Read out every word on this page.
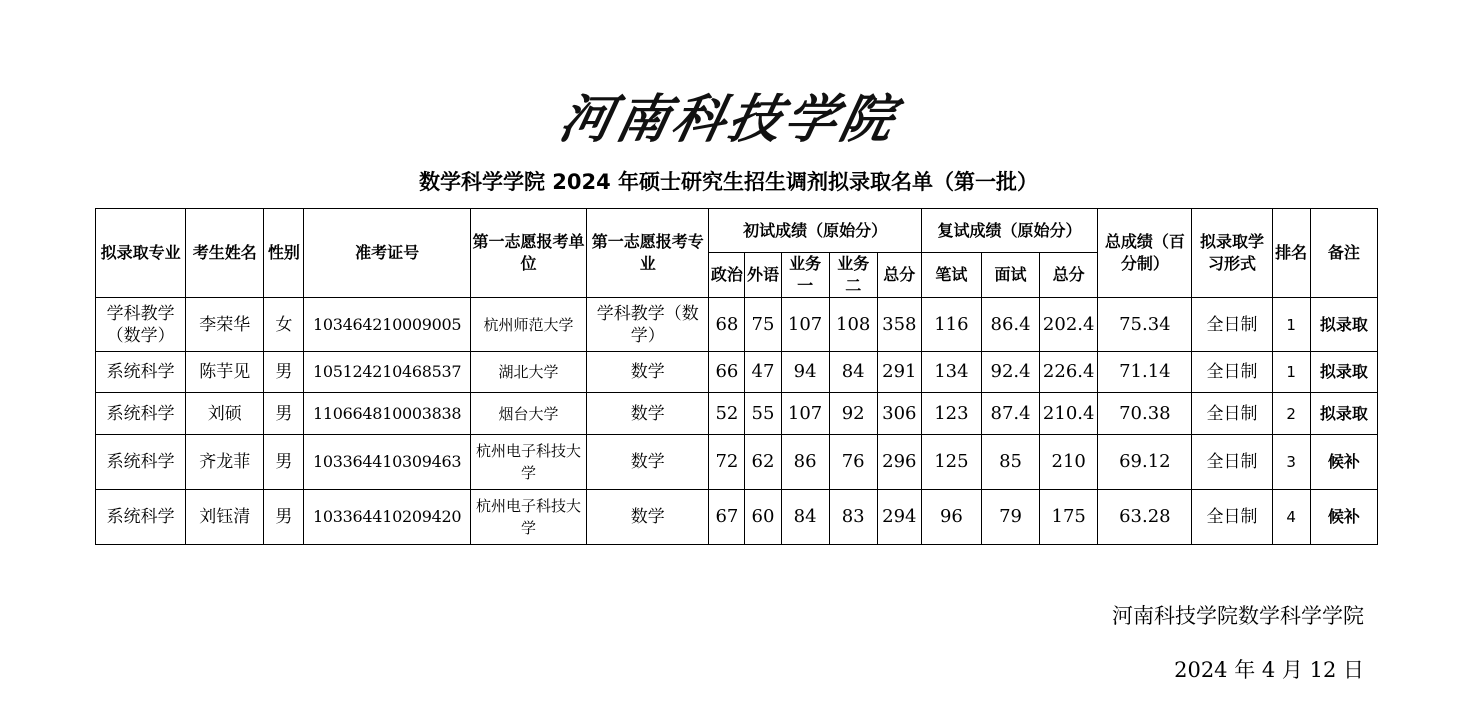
河南科技学院
数学科学学院 2024 年硕士研究生招生调剂拟录取名单（第一批）
拟录取专业	考生姓名	性别	准考证号	第一志愿报考单位	第一志愿报考专业	初试成绩（原始分）					复试成绩（原始分）			总成绩（百分制）	拟录取学习形式	排名	备注
						政治	外语	业务一	业务二	总分	笔试	面试	总分				
学科教学（数学）	李荣华	女	103464210009005	杭州师范大学	学科教学（数学）	68	75	107	108	358	116	86.4	202.4	75.34	全日制	1	拟录取
系统科学	陈芋见	男	105124210468537	湖北大学	数学	66	47	94	84	291	134	92.4	226.4	71.14	全日制	1	拟录取
系统科学	刘硕	男	110664810003838	烟台大学	数学	52	55	107	92	306	123	87.4	210.4	70.38	全日制	2	拟录取
系统科学	齐龙菲	男	103364410309463	杭州电子科技大学	数学	72	62	86	76	296	125	85	210	69.12	全日制	3	候补
系统科学	刘钰清	男	103364410209420	杭州电子科技大学	数学	67	60	84	83	294	96	79	175	63.28	全日制	4	候补
河南科技学院数学科学学院
2024 年 4 月 12 日
